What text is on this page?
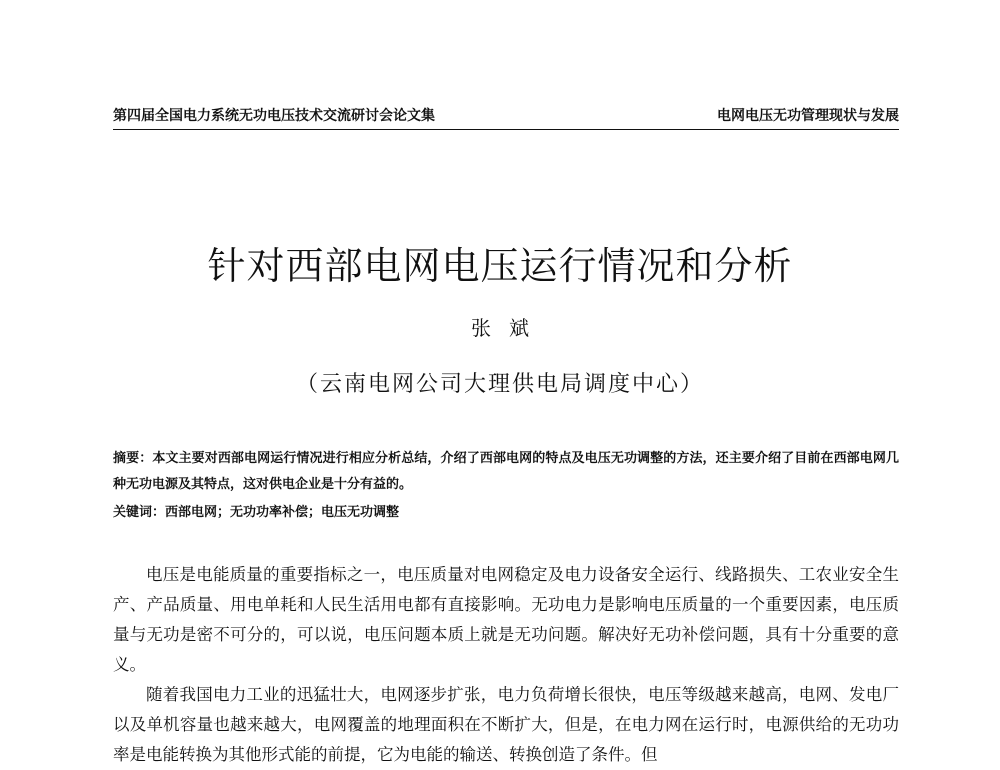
第四届全国电力系统无功电压技术交流研讨会论文集	电网电压无功管理现状与发展
针对西部电网电压运行情况和分析
张斌
（云南电网公司大理供电局调度中心）
摘要：本文主要对西部电网运行情况进行相应分析总结，介绍了西部电网的特点及电压无功调整的方法，还主要介绍了目前在西部电网几种无功电源及其特点，这对供电企业是十分有益的。
关键词：西部电网；无功功率补偿；电压无功调整

电压是电能质量的重要指标之一，电压质量对电网稳定及电力设备安全运行、线路损失、工农业安全生产、产品质量、用电单耗和人民生活用电都有直接影响。无功电力是影响电压质量的一个重要因素，电压质量与无功是密不可分的，可以说，电压问题本质上就是无功问题。解决好无功补偿问题，具有十分重要的意义。

随着我国电力工业的迅猛壮大，电网逐步扩张，电力负荷增长很快，电压等级越来越高，电网、发电厂以及单机容量也越来越大，电网覆盖的地理面积在不断扩大，但是，在电力网在运行时，电源供给的无功功率是电能转换为其他形式能的前提，它为电能的输送、转换创造了条件。但
